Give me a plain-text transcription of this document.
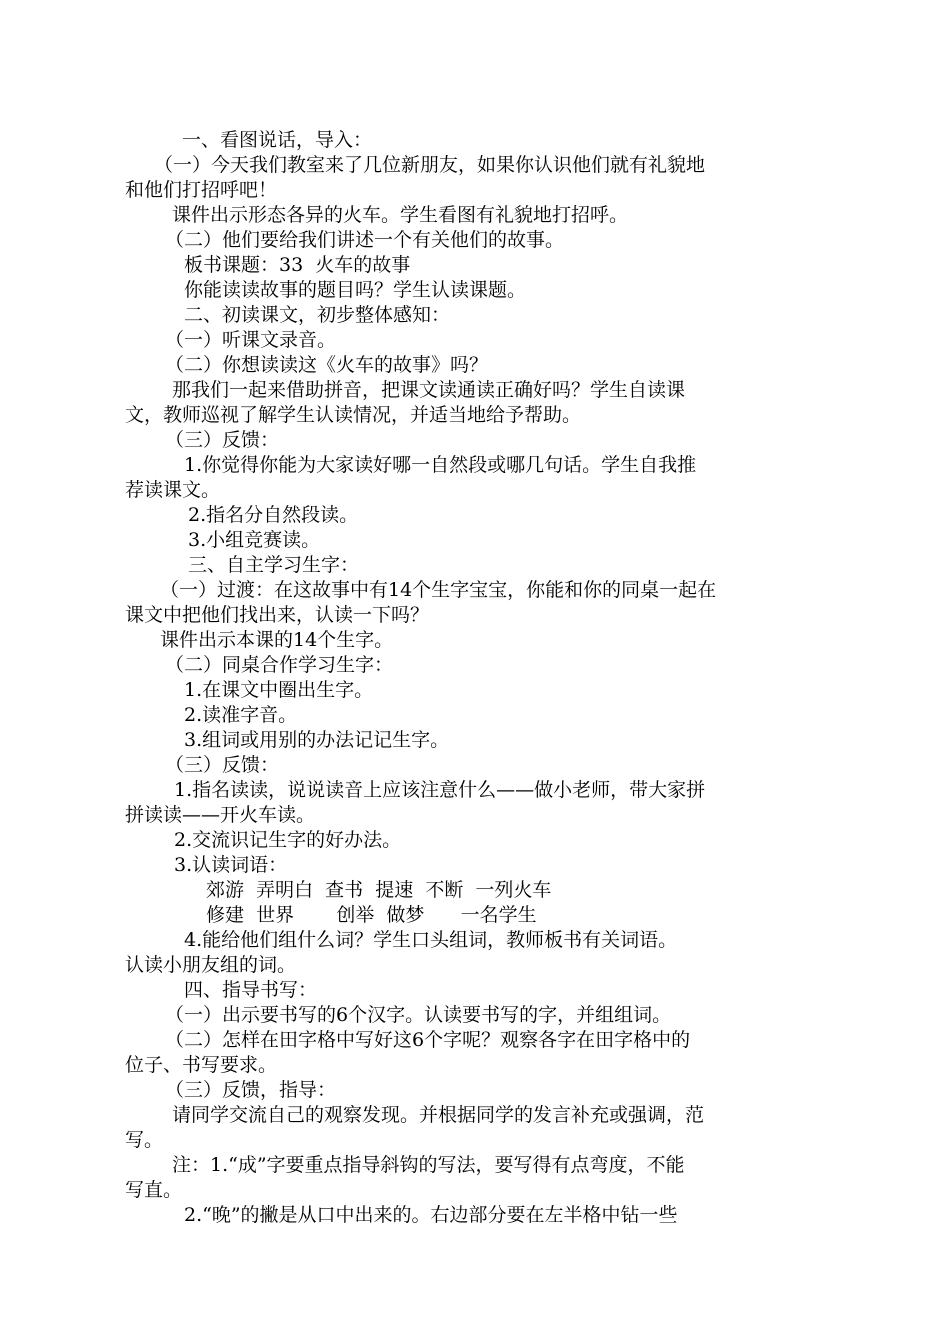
一、看图说话，导入：
（一）今天我们教室来了几位新朋友，如果你认识他们就有礼貌地
和他们打招呼吧！
课件出示形态各异的火车。学生看图有礼貌地打招呼。
（二）他们要给我们讲述一个有关他们的故事。
板书课题：33  火车的故事
你能读读故事的题目吗？学生认读课题。
二、初读课文，初步整体感知：
（一）听课文录音。
（二）你想读读这《火车的故事》吗？
那我们一起来借助拼音，把课文读通读正确好吗？学生自读课
文，教师巡视了解学生认读情况，并适当地给予帮助。
（三）反馈：
1.你觉得你能为大家读好哪一自然段或哪几句话。学生自我推
荐读课文。
2.指名分自然段读。
3.小组竞赛读。
三、自主学习生字：
（一）过渡：在这故事中有14个生字宝宝，你能和你的同桌一起在
课文中把他们找出来，认读一下吗？
课件出示本课的14个生字。
（二）同桌合作学习生字：
1.在课文中圈出生字。
2.读准字音。
3.组词或用别的办法记记生字。
（三）反馈：
1.指名读读，说说读音上应该注意什么——做小老师，带大家拼
拼读读——开火车读。
2.交流识记生字的好办法。
3.认读词语：
郊游  弄明白  查书  提速  不断  一列火车
修建  世界       创举  做梦      一名学生
4.能给他们组什么词？学生口头组词，教师板书有关词语。
认读小朋友组的词。
四、指导书写：
（一）出示要书写的6个汉字。认读要书写的字，并组组词。
（二）怎样在田字格中写好这6个字呢？观察各字在田字格中的
位子、书写要求。
（三）反馈，指导：
请同学交流自己的观察发现。并根据同学的发言补充或强调，范
写。
注：1.“成”字要重点指导斜钩的写法，要写得有点弯度，不能
写直。
2.“晚”的撇是从口中出来的。右边部分要在左半格中钻一些
